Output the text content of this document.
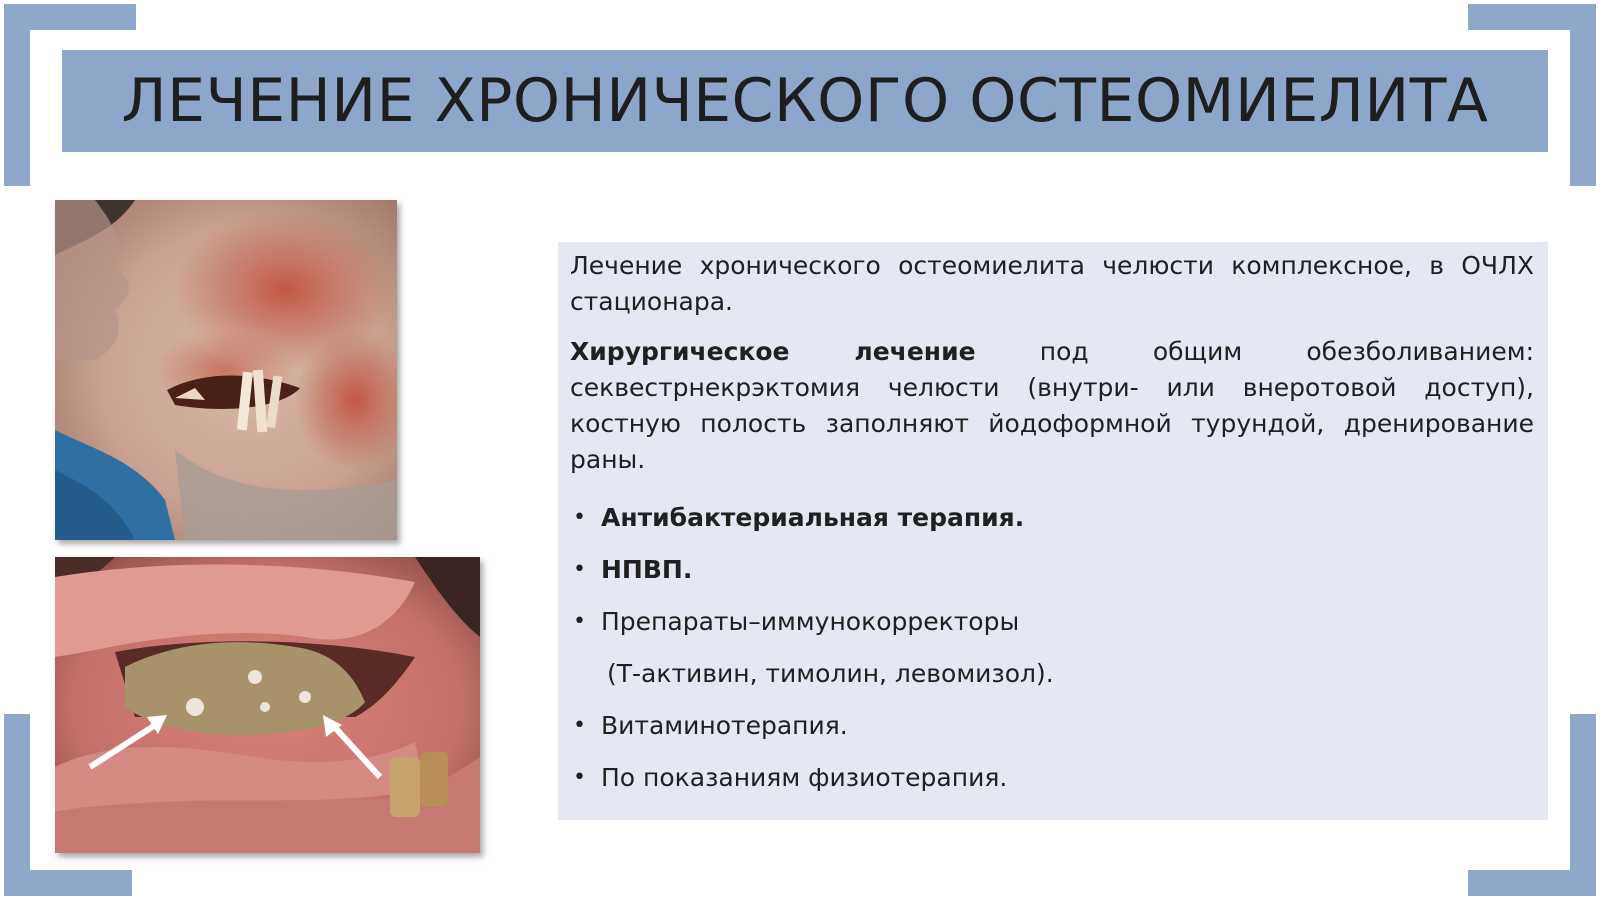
ЛЕЧЕНИЕ ХРОНИЧЕСКОГО ОСТЕОМИЕЛИТА

Лечение хронического остеомиелита челюсти комплексное, в ОЧЛХ стационара.

Хирургическое лечение	под общим обезболиванием: секвестрнекрэктомия челюсти (внутри- или внеротовой доступ), костную полость заполняют йодоформной турундой, дренирование раны.

• Антибактериальная терапия.
• НПВП.
• Препараты–иммунокорректоры
(Т-активин, тимолин, левомизол).
• Витаминотерапия.
• По показаниям физиотерапия.
